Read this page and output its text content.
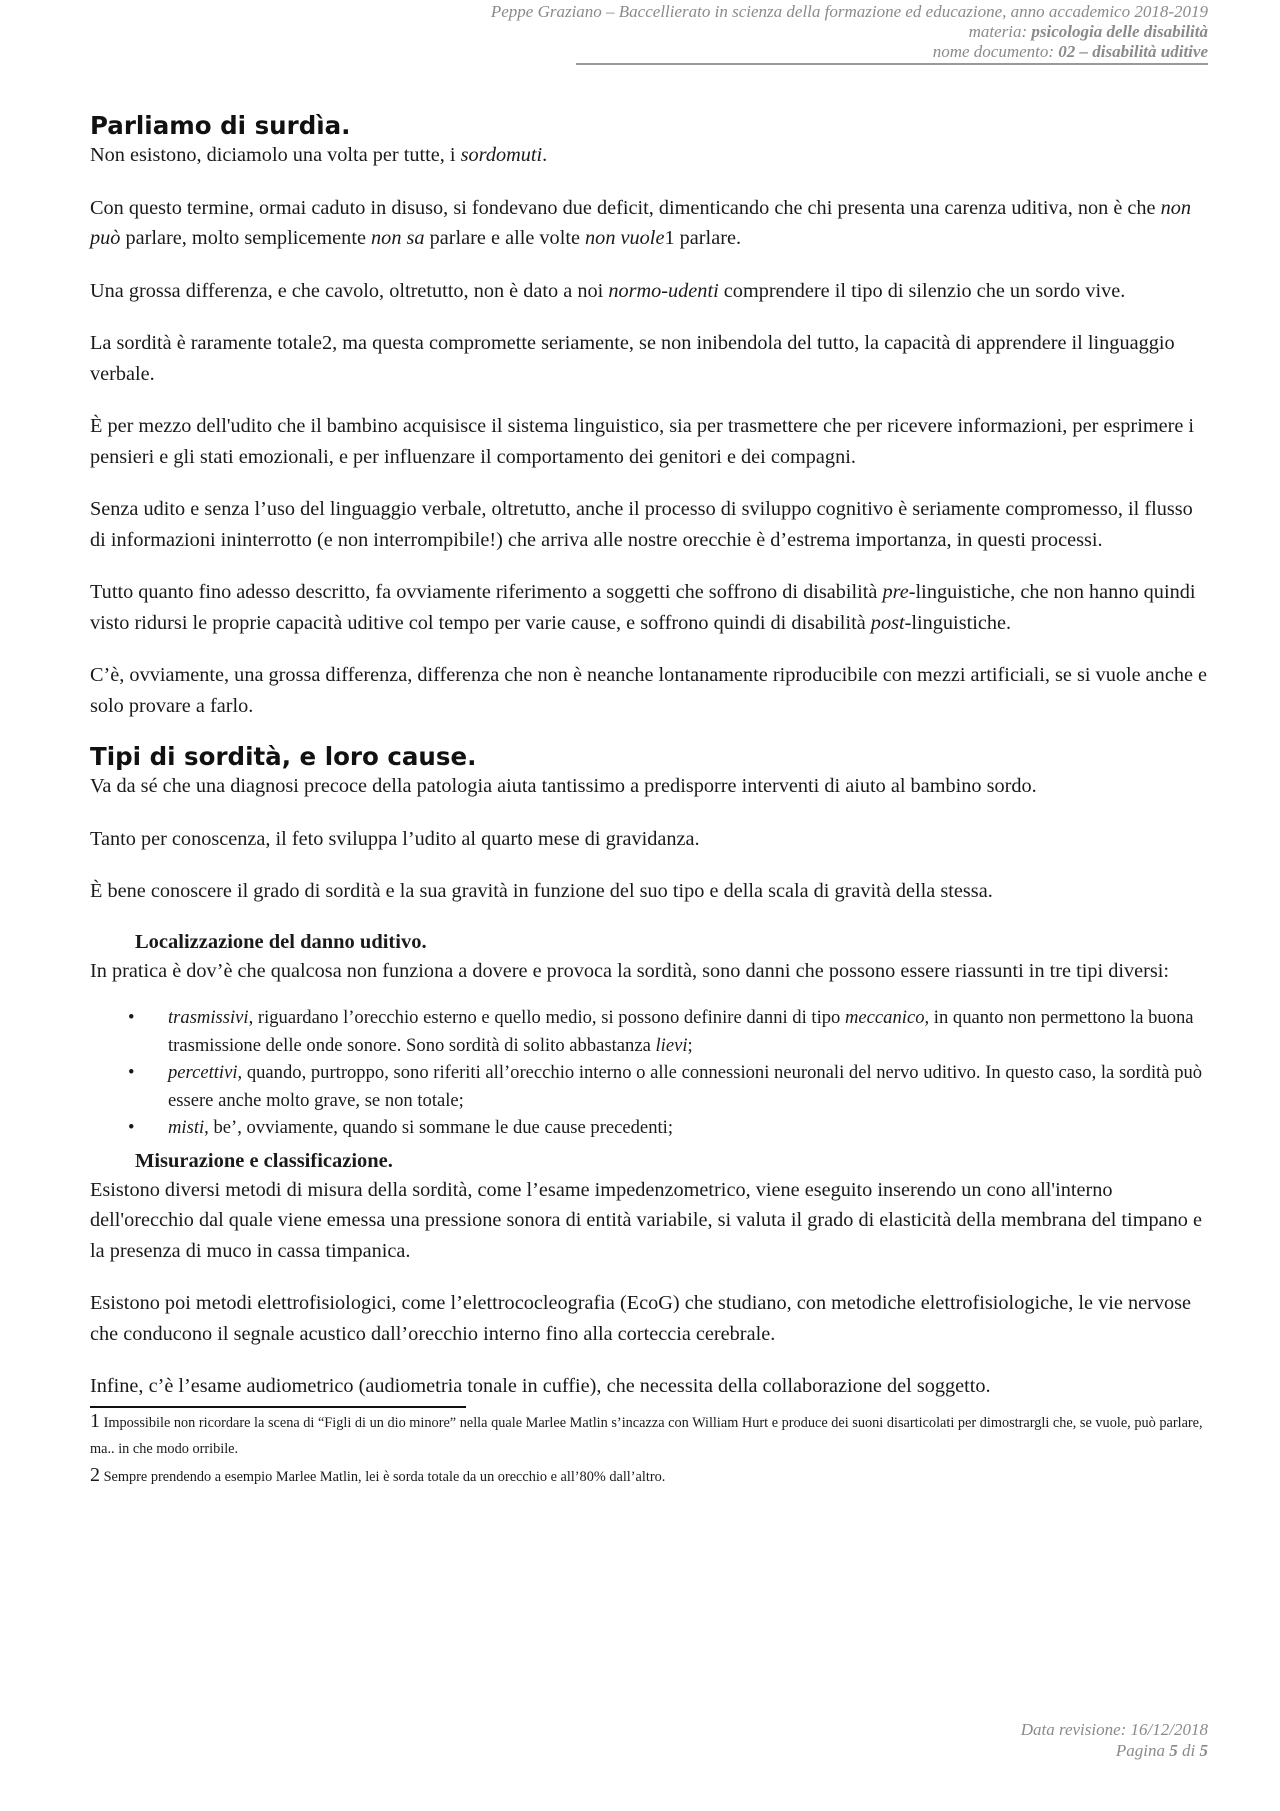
Peppe Graziano – Baccellierato in scienza della formazione ed educazione, anno accademico 2018-2019
materia: psicologia delle disabilità
nome documento: 02 – disabilità uditive
Parliamo di surdìa.

Non esistono, diciamolo una volta per tutte, i sordomuti.

Con questo termine, ormai caduto in disuso, si fondevano due deficit, dimenticando che chi presenta una carenza uditiva, non è che non può parlare, molto semplicemente non sa parlare e alle volte non vuole1 parlare.

Una grossa differenza, e che cavolo, oltretutto, non è dato a noi normo-udenti comprendere il tipo di silenzio che un sordo vive.

La sordità è raramente totale2, ma questa compromette seriamente, se non inibendola del tutto, la capacità di apprendere il linguaggio verbale.

È per mezzo dell'udito che il bambino acquisisce il sistema linguistico, sia per trasmettere che per ricevere informazioni, per esprimere i pensieri e gli stati emozionali, e per influenzare il comportamento dei genitori e dei compagni.

Senza udito e senza l’uso del linguaggio verbale, oltretutto, anche il processo di sviluppo cognitivo è seriamente compromesso, il flusso di informazioni ininterrotto (e non interrompibile!) che arriva alle nostre orecchie è d’estrema importanza, in questi processi.

Tutto quanto fino adesso descritto, fa ovviamente riferimento a soggetti che soffrono di disabilità pre-linguistiche, che non hanno quindi visto ridursi le proprie capacità uditive col tempo per varie cause, e soffrono quindi di disabilità post-linguistiche.

C’è, ovviamente, una grossa differenza, differenza che non è neanche lontanamente riproducibile con mezzi artificiali, se si vuole anche e solo provare a farlo.

Tipi di sordità, e loro cause.

Va da sé che una diagnosi precoce della patologia aiuta tantissimo a predisporre interventi di aiuto al bambino sordo.

Tanto per conoscenza, il feto sviluppa l’udito al quarto mese di gravidanza.

È bene conoscere il grado di sordità e la sua gravità in funzione del suo tipo e della scala di gravità della stessa.

Localizzazione del danno uditivo.

In pratica è dov’è che qualcosa non funziona a dovere e provoca la sordità, sono danni che possono essere riassunti in tre tipi diversi:

• trasmissivi, riguardano l’orecchio esterno e quello medio, si possono definire danni di tipo meccanico, in quanto non permettono la buona trasmissione delle onde sonore. Sono sordità di solito abbastanza lievi;
• percettivi, quando, purtroppo, sono riferiti all’orecchio interno o alle connessioni neuronali del nervo uditivo. In questo caso, la sordità può essere anche molto grave, se non totale;
• misti, be’, ovviamente, quando si sommane le due cause precedenti;
Misurazione e classificazione.

Esistono diversi metodi di misura della sordità, come l’esame impedenzometrico, viene eseguito inserendo un cono all'interno dell'orecchio dal quale viene emessa una pressione sonora di entità variabile, si valuta il grado di elasticità della membrana del timpano e la presenza di muco in cassa timpanica.

Esistono poi metodi elettrofisiologici, come l’elettrococleografia (EcoG) che studiano, con metodiche elettrofisiologiche, le vie nervose che conducono il segnale acustico dall’orecchio interno fino alla corteccia cerebrale.

Infine, c’è l’esame audiometrico (audiometria tonale in cuffie), che necessita della collaborazione del soggetto.

1 Impossibile non ricordare la scena di “Figli di un dio minore” nella quale Marlee Matlin s’incazza con William Hurt e produce dei suoni disarticolati per dimostrargli che, se vuole, può parlare, ma.. in che modo orribile.
2 Sempre prendendo a esempio Marlee Matlin, lei è sorda totale da un orecchio e all’80% dall’altro.
Data revisione: 16/12/2018
Pagina 5 di 5
